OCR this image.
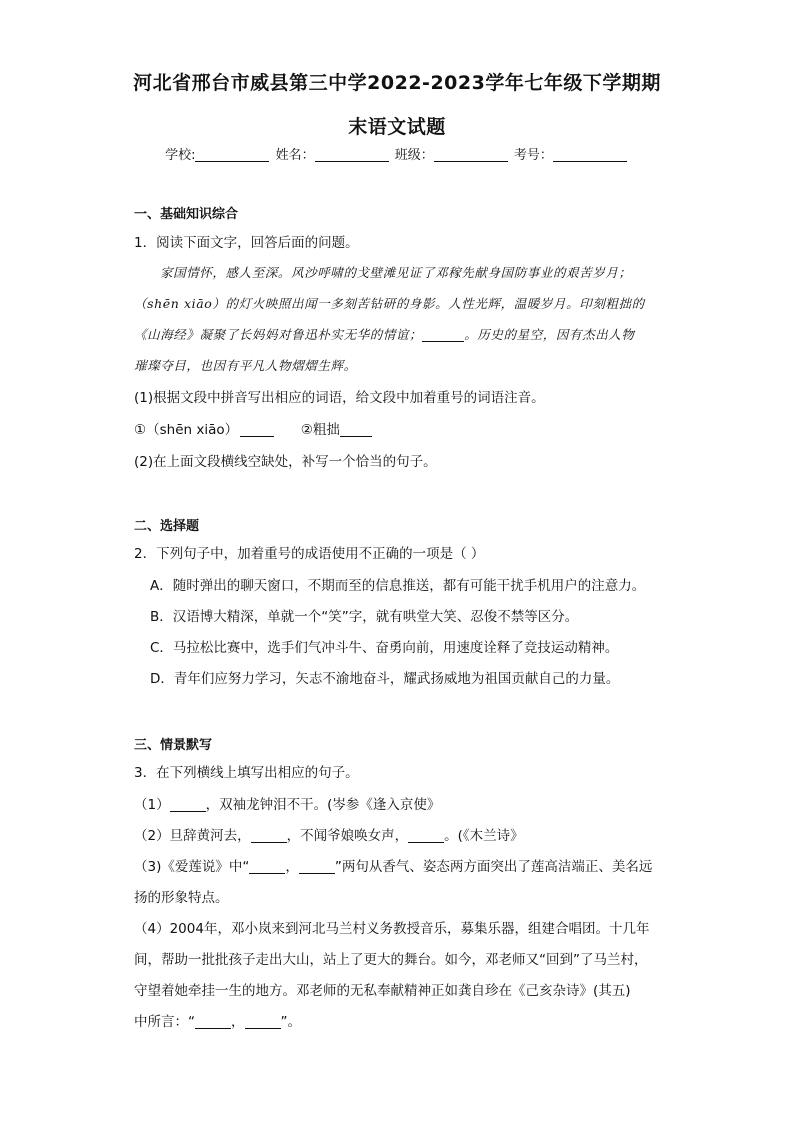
河北省邢台市威县第三中学2022-2023学年七年级下学期期
末语文试题
学校:	姓名：	班级：	考号：
一、基础知识综合
1．阅读下面文字，回答后面的问题。
家国情怀，感人至深。风沙呼啸的戈壁滩见证了邓稼先献身国防事业的艰苦岁月；
（shēn xiāo）的灯火映照出闻一多刻苦钻研的身影。人性光辉，温暖岁月。印刻粗拙的
《山海经》凝聚了长妈妈对鲁迅朴实无华的情谊；	。历史的星空，因有杰出人物
璀璨夺目，也因有平凡人物熠熠生辉。
(1)根据文段中拼音写出相应的词语，给文段中加着重号的词语注音。
①（shēn xiāo）	②粗拙
(2)在上面文段横线空缺处，补写一个恰当的句子。
二、选择题
2．下列句子中，加着重号的成语使用不正确的一项是（ ）
A．随时弹出的聊天窗口，不期而至的信息推送，都有可能干扰手机用户的注意力。
B．汉语博大精深，单就一个“笑”字，就有哄堂大笑、忍俊不禁等区分。
C．马拉松比赛中，选手们气冲斗牛、奋勇向前，用速度诠释了竞技运动精神。
D．青年们应努力学习，矢志不渝地奋斗，耀武扬威地为祖国贡献自己的力量。
三、情景默写
3．在下列横线上填写出相应的句子。
（1）	，双袖龙钟泪不干。(岑参《逢入京使》
（2）旦辞黄河去，	，不闻爷娘唤女声，	。(《木兰诗》
（3)《爱莲说》中“	，	”两句从香气、姿态两方面突出了莲高洁端正、美名远
扬的形象特点。
（4）2004年，邓小岚来到河北马兰村义务教授音乐，募集乐器，组建合唱团。十几年
间，帮助一批批孩子走出大山，站上了更大的舞台。如今，邓老师又“回到”了马兰村，
守望着她牵挂一生的地方。邓老师的无私奉献精神正如龚自珍在《己亥杂诗》(其五)
中所言：“	，	”。
